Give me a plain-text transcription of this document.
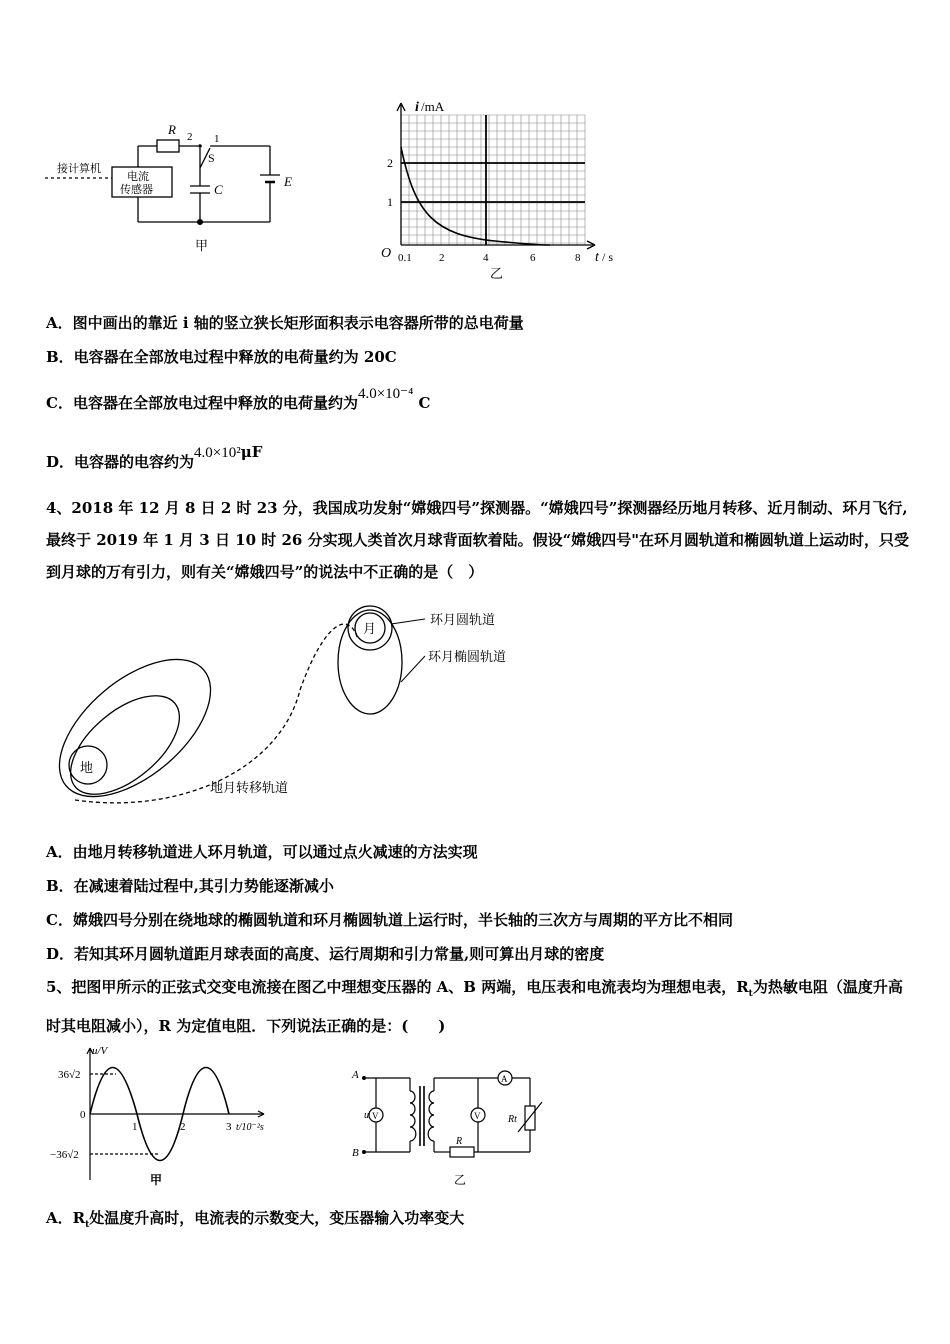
R 2 1
S
C
E
接计算机
电流
传感器
甲
i /mA
2
1
O 0.1 2	4	6	8 t / s
乙
A．图中画出的靠近 i 轴的竖立狭长矩形面积表示电容器所带的总电荷量
B．电容器在全部放电过程中释放的电荷量约为 20C
C．电容器在全部放电过程中释放的电荷量约为4.0×10⁻⁴ C
D．电容器的电容约为4.0×10²μF
4、2018 年 12 月 8 日 2 时 23 分，我国成功发射“嫦娥四号”探测器。“嫦娥四号”探测器经历地月转移、近月制动、环月飞行,最终于 2019 年 1 月 3 日 10 时 26 分实现人类首次月球背面软着陆。假设“嫦娥四号"在环月圆轨道和椭圆轨道上运动时，只受到月球的万有引力，则有关“嫦娥四号”的说法中不正确的是（　）
月
地
环月圆轨道
环月椭圆轨道
地月转移轨道
A．由地月转移轨道进人环月轨道，可以通过点火减速的方法实现
B．在减速着陆过程中,其引力势能逐渐减小
C．嫦娥四号分别在绕地球的椭圆轨道和环月椭圆轨道上运行时，半长轴的三次方与周期的平方比不相同
D．若知其环月圆轨道距月球表面的高度、运行周期和引力常量,则可算出月球的密度
5、把图甲所示的正弦式交变电流接在图乙中理想变压器的 A、B 两端，电压表和电流表均为理想电表，$R_t$为热敏电阻（温度升高时其电阻减小），R 为定值电阻．下列说法正确的是：(　　)
u/V
36√2
0
−36√2
1	2	3 t/10⁻²s
甲
A
B
u V	V
A
R
Rt
乙
A．$R_t$处温度升高时，电流表的示数变大，变压器输入功率变大
